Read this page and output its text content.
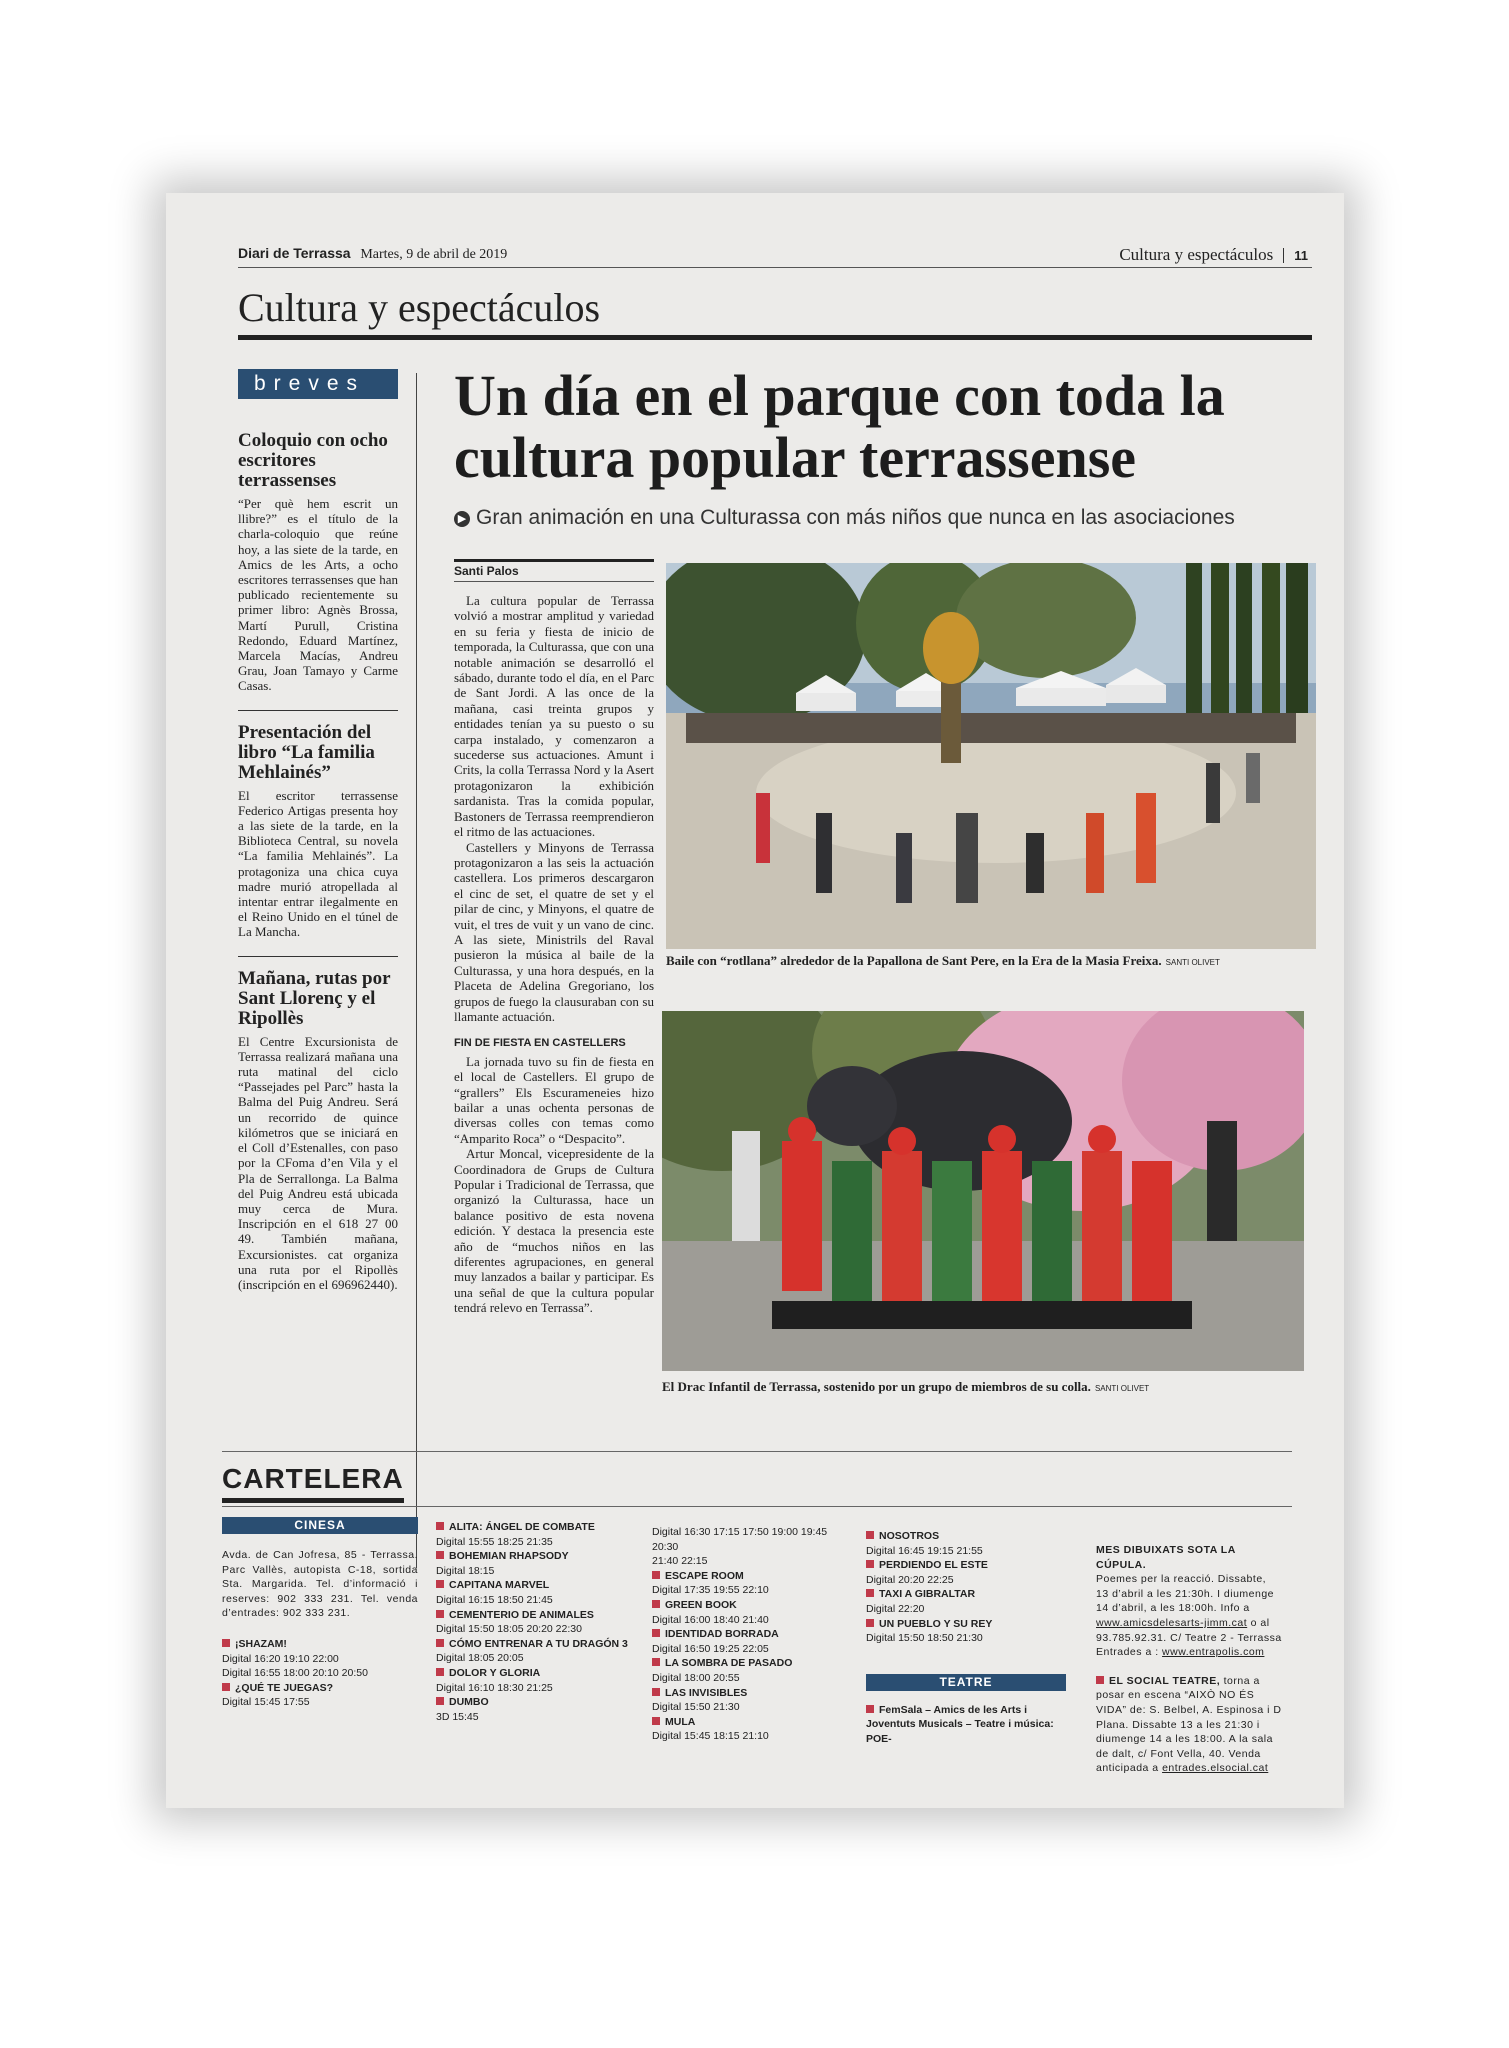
Diari de Terrassa Martes, 9 de abril de 2019	Cultura y espectáculos 11
Cultura y espectáculos
breves
Coloquio con ocho escritores terrassenses

“Per què hem escrit un llibre?” es el título de la charla-coloquio que reúne hoy, a las siete de la tarde, en Amics de les Arts, a ocho escritores terrassenses que han publicado recientemente su primer libro: Agnès Brossa, Martí Purull, Cristina Redondo, Eduard Martínez, Marcela Macías, Andreu Grau, Joan Tamayo y Carme Casas.

Presentación del libro “La familia Mehlainés”

El escritor terrassense Federico Artigas presenta hoy a las siete de la tarde, en la Biblioteca Central, su novela “La familia Mehlainés”. La protagoniza una chica cuya madre murió atropellada al intentar entrar ilegalmente en el Reino Unido en el túnel de La Mancha.

Mañana, rutas por Sant Llorenç y el Ripollès

El Centre Excursionista de Terrassa realizará mañana una ruta matinal del ciclo “Passejades pel Parc” hasta la Balma del Puig Andreu. Será un recorrido de quince kilómetros que se iniciará en el Coll d’Estenalles, con paso por la CFoma d’en Vila y el Pla de Serrallonga. La Balma del Puig Andreu está ubicada muy cerca de Mura. Inscripción en el 618 27 00 49. También mañana, Excursionistes. cat organiza una ruta por el Ripollès (inscripción en el 696962440).

Un día en el parque con toda la cultura popular terrassense
▶ Gran animación en una Culturassa con más niños que nunca en las asociaciones
Santi Palos

La cultura popular de Terrassa volvió a mostrar amplitud y variedad en su feria y fiesta de inicio de temporada, la Culturassa, que con una notable animación se desarrolló el sábado, durante todo el día, en el Parc de Sant Jordi. A las once de la mañana, casi treinta grupos y entidades tenían ya su puesto o su carpa instalado, y comenzaron a sucederse sus actuaciones. Amunt i Crits, la colla Terrassa Nord y la Asert protagonizaron la exhibición sardanista. Tras la comida popular, Bastoners de Terrassa reemprendieron el ritmo de las actuaciones.

Castellers y Minyons de Terrassa protagonizaron a las seis la actuación castellera. Los primeros descargaron el cinc de set, el quatre de set y el pilar de cinc, y Minyons, el quatre de vuit, el tres de vuit y un vano de cinc. A las siete, Ministrils del Raval pusieron la música al baile de la Culturassa, y una hora después, en la Placeta de Adelina Gregoriano, los grupos de fuego la clausuraban con su llamante actuación.

FIN DE FIESTA EN CASTELLERS

La jornada tuvo su fin de fiesta en el local de Castellers. El grupo de “grallers” Els Escurameneies hizo bailar a unas ochenta personas de diversas colles con temas como “Amparito Roca” o “Despacito”.

Artur Moncal, vicepresidente de la Coordinadora de Grups de Cultura Popular i Tradicional de Terrassa, que organizó la Culturassa, hace un balance positivo de esta novena edición. Y destaca la presencia este año de “muchos niños en las diferentes agrupaciones, en general muy lanzados a bailar y participar. Es una señal de que la cultura popular tendrá relevo en Terrassa”.

Baile con “rotllana” alrededor de la Papallona de Sant Pere, en la Era de la Masia Freixa. SANTI OLIVET
El Drac Infantil de Terrassa, sostenido por un grupo de miembros de su colla. SANTI OLIVET
CARTELERA
CINESA
Avda. de Can Jofresa, 85 - Terrassa. Parc Vallès, autopista C-18, sortida Sta. Margarida. Tel. d’informació i reserves: 902 333 231. Tel. venda d’entrades: 902 333 231.
¡SHAZAM!
Digital 16:20 19:10 22:00
Digital 16:55 18:00 20:10 20:50
¿QUÉ TE JUEGAS?
Digital 15:45 17:55
ALITA: ÁNGEL DE COMBATE
Digital 15:55 18:25 21:35
BOHEMIAN RHAPSODY
Digital 18:15
CAPITANA MARVEL
Digital 16:15 18:50 21:45
CEMENTERIO DE ANIMALES
Digital 15:50 18:05 20:20 22:30
CÓMO ENTRENAR A TU DRAGÓN 3
Digital 18:05 20:05
DOLOR Y GLORIA
Digital 16:10 18:30 21:25
DUMBO
3D 15:45
Digital 16:30 17:15 17:50 19:00 19:45 20:30
21:40 22:15
ESCAPE ROOM
Digital 17:35 19:55 22:10
GREEN BOOK
Digital 16:00 18:40 21:40
IDENTIDAD BORRADA
Digital 16:50 19:25 22:05
LA SOMBRA DE PASADO
Digital 18:00 20:55
LAS INVISIBLES
Digital 15:50 21:30
MULA
Digital 15:45 18:15 21:10
NOSOTROS
Digital 16:45 19:15 21:55
PERDIENDO EL ESTE
Digital 20:20 22:25
TAXI A GIBRALTAR
Digital 22:20
UN PUEBLO Y SU REY
Digital 15:50 18:50 21:30
TEATRE
FemSala – Amics de les Arts i Joventuts Musicals – Teatre i música: POE-
MES DIBUIXATS SOTA LA CÚPULA.
Poemes per la reacció. Dissabte, 13 d’abril a les 21:30h. I diumenge 14 d’abril, a les 18:00h. Info a www.amicsdelesarts-jimm.cat o al 93.785.92.31. C/ Teatre 2 - Terrassa Entrades a : www.entrapolis.com
EL SOCIAL TEATRE, torna a posar en escena “AIXÒ NO ÉS VIDA” de: S. Belbel, A. Espinosa i D Plana. Dissabte 13 a les 21:30 i diumenge 14 a les 18:00. A la sala de dalt, c/ Font Vella, 40. Venda anticipada a entrades.elsocial.cat
